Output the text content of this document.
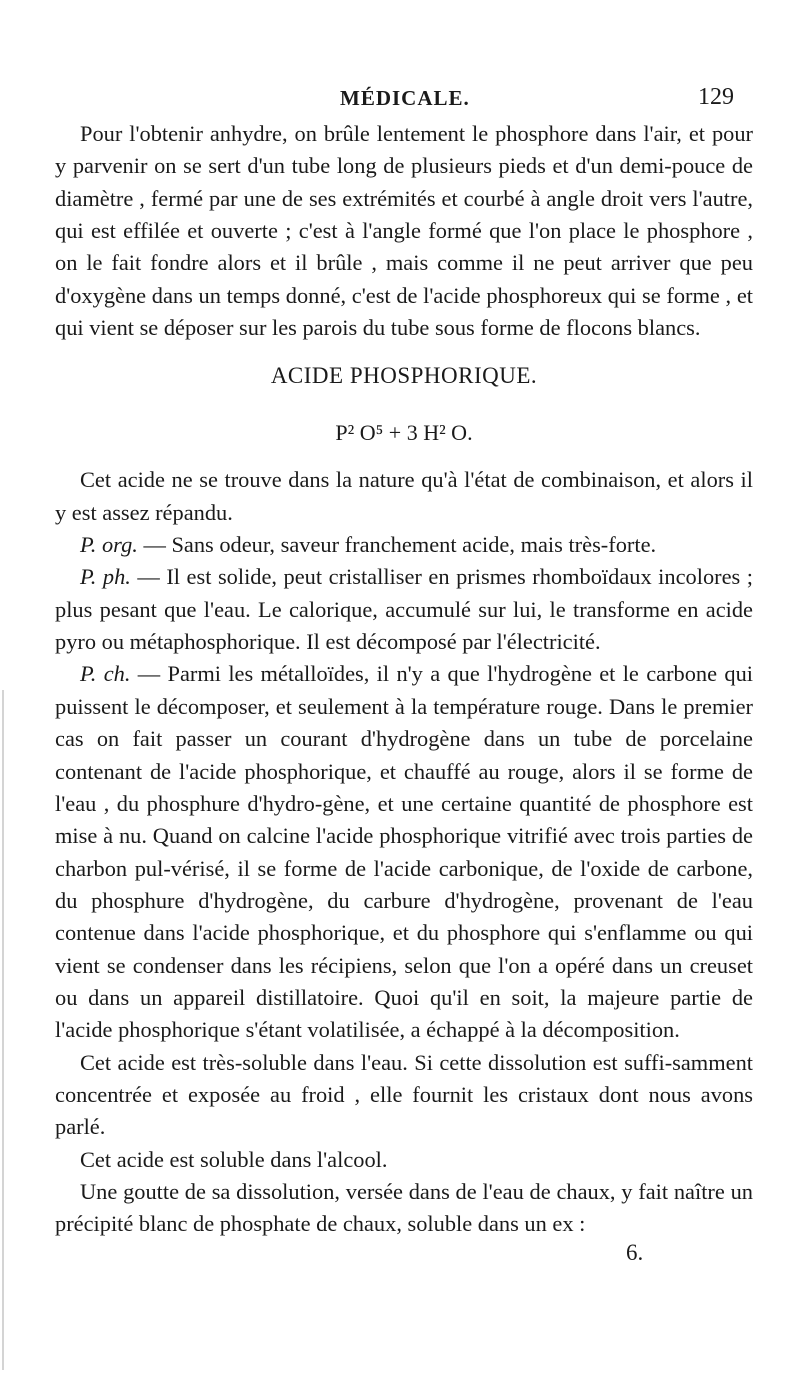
MÉDICALE.	129

Pour l'obtenir anhydre, on brûle lentement le phosphore dans l'air, et pour y parvenir on se sert d'un tube long de plusieurs pieds et d'un demi-pouce de diamètre , fermé par une de ses extrémités et courbé à angle droit vers l'autre, qui est effilée et ouverte ; c'est à l'angle formé que l'on place le phosphore , on le fait fondre alors et il brûle , mais comme il ne peut arriver que peu d'oxygène dans un temps donné, c'est de l'acide phosphoreux qui se forme , et qui vient se déposer sur les parois du tube sous forme de flocons blancs.

ACIDE PHOSPHORIQUE.

P² O⁵ + 3 H² O.

Cet acide ne se trouve dans la nature qu'à l'état de combinaison, et alors il y est assez répandu.

P. org. — Sans odeur, saveur franchement acide, mais très-forte.

P. ph. — Il est solide, peut cristalliser en prismes rhomboïdaux incolores ; plus pesant que l'eau. Le calorique, accumulé sur lui, le transforme en acide pyro ou métaphosphorique. Il est décomposé par l'électricité.

P. ch. — Parmi les métalloïdes, il n'y a que l'hydrogène et le carbone qui puissent le décomposer, et seulement à la température rouge. Dans le premier cas on fait passer un courant d'hydrogène dans un tube de porcelaine contenant de l'acide phosphorique, et chauffé au rouge, alors il se forme de l'eau , du phosphure d'hydro-gène, et une certaine quantité de phosphore est mise à nu. Quand on calcine l'acide phosphorique vitrifié avec trois parties de charbon pul-vérisé, il se forme de l'acide carbonique, de l'oxide de carbone, du phosphure d'hydrogène, du carbure d'hydrogène, provenant de l'eau contenue dans l'acide phosphorique, et du phosphore qui s'enflamme ou qui vient se condenser dans les récipiens, selon que l'on a opéré dans un creuset ou dans un appareil distillatoire. Quoi qu'il en soit, la majeure partie de l'acide phosphorique s'étant volatilisée, a échappé à la décomposition.

Cet acide est très-soluble dans l'eau. Si cette dissolution est suffi-samment concentrée et exposée au froid , elle fournit les cristaux dont nous avons parlé.

Cet acide est soluble dans l'alcool.

Une goutte de sa dissolution, versée dans de l'eau de chaux, y fait naître un précipité blanc de phosphate de chaux, soluble dans un ex :

6.
